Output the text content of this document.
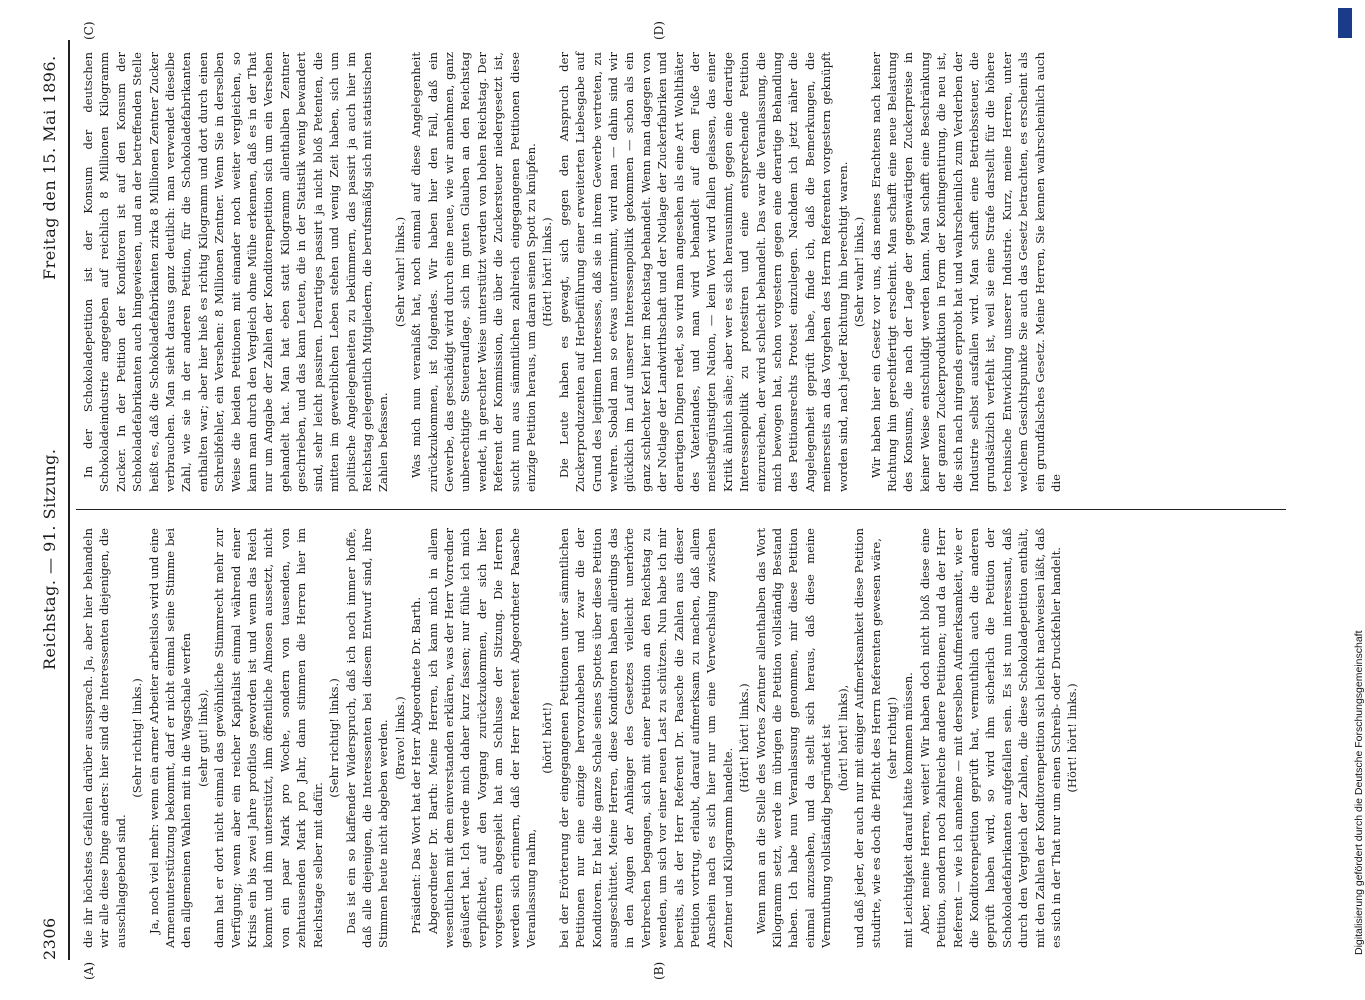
2306
Reichstag. — 91. Sitzung.
Freitag den 15. Mai 1896.
(A)	(B)
(C)	(D)

die ihr höchstes Gefallen darüber aussprach. Ja, aber hier behandeln wir alle diese Dinge anders: hier sind die Interessenten diejenigen, die ausschlaggebend sind.

(Sehr richtig! links.) Ja, noch viel mehr: wenn ein armer Arbeiter arbeitslos wird und eine Armenunterstützung bekommt, darf er nicht einmal seine Stimme bei den allgemeinen Wahlen mit in die Wagschale werfen (sehr gut! links), dann hat er dort nicht einmal das gewöhnliche Stimmrecht mehr zur Verfügung; wenn aber ein reicher Kapitalist einmal während einer Krisis ein bis zwei Jahre profitlos geworden ist und wenn das Reich kommt und ihm unterstützt, ihm öffentliche Almosen aussetzt, nicht von ein paar Mark pro Woche, sondern von tausenden, von zehntausenden Mark pro Jahr, dann stimmen die Herren hier im Reichstage selber mit dafür.

(Sehr richtig! links.) Das ist ein so klaffender Widerspruch, daß ich noch immer hoffe, daß alle diejenigen, die Interessenten bei diesem Entwurf sind, ihre Stimmen heute nicht abgeben werden. (Bravo! links.) Präsident: Das Wort hat der Herr Abgeordnete Dr. Barth. Abgeordneter Dr. Barth: Meine Herren, ich kann mich in allem wesentlichen mit dem einverstanden erklären, was der Herr Vorredner geäußert hat. Ich werde mich daher kurz fassen; nur fühle ich mich verpflichtet, auf den Vorgang zurückzukommen, der sich hier vorgestern abgespielt hat am Schlusse der Sitzung. Die Herren werden sich erinnern, daß der Herr Referent Abgeordneter Paasche Veranlassung nahm,

(hört! hört!) bei der Erörterung der eingegangenen Petitionen unter sämmtlichen Petitionen nur eine einzige hervorzuheben und zwar die der Konditoren. Er hat die ganze Schale seines Spottes über diese Petition ausgeschüttet. Meine Herren, diese Konditoren haben allerdings das in den Augen der Anhänger des Gesetzes vielleicht unerhörte Verbrechen begangen, sich mit einer Petition an den Reichstag zu wenden, um sich vor einer neuen Last zu schützen. Nun habe ich mir bereits, als der Herr Referent Dr. Paasche die Zahlen aus dieser Petition vortrug, erlaubt, darauf aufmerksam zu machen, daß allem Anschein nach es sich hier nur um eine Verwechslung zwischen Zentner und Kilogramm handelte.

(Hört! hört! links.) Wenn man an die Stelle des Wortes Zentner allenthalben das Wort Kilogramm setzt, werde im übrigen die Petition vollständig Bestand haben. Ich habe nun Veranlassung genommen, mir diese Petition einmal anzusehen, und da stellt sich heraus, daß diese meine Vermuthung vollständig begründet ist (hört! hört! links), und daß jeder, der auch nur mit einiger Aufmerksamkeit diese Petition studirte, wie es doch die Pflicht des Herrn Referenten gewesen wäre, (sehr richtig!) mit Leichtigkeit darauf hätte kommen müssen. Aber, meine Herren, weiter! Wir haben doch nicht bloß diese eine Petition, sondern noch zahlreiche andere Petitionen; und da der Herr Referent — wie ich annehme — mit derselben Aufmerksamkeit, wie er die Konditorenpetition geprüft hat, vermuthlich auch die anderen geprüft haben wird, so wird ihm sicherlich die Petition der Schokoladefabrikanten aufgefallen sein. Es ist nun interessant, daß durch den Vergleich der Zahlen, die diese Schokoladepetition enthält, mit den Zahlen der Konditorenpetition sich leicht nachweisen läßt, daß es sich in der That nur um einen Schreib- oder Druckfehler handelt. (Hört! hört! links.)

In der Schokoladepetition ist der Konsum der deutschen Schokoladeindustrie angegeben auf reichlich 8 Millionen Kilogramm Zucker. In der Petition der Konditoren ist auf den Konsum der Schokoladefabrikanten auch hingewiesen, und an der betreffenden Stelle heißt es, daß die Schokoladefabrikanten zirka 8 Millionen Zentner Zucker verbrauchen. Man sieht daraus ganz deutlich: man verwendet dieselbe Zahl, wie sie in der anderen Petition, für die Schokoladefabrikanten enthalten war; aber hier hieß es richtig Kilogramm und dort durch einen Schreibfehler, ein Versehen: 8 Millionen Zentner. Wenn Sie in derselben Weise die beiden Petitionen mit einander noch weiter vergleichen, so kann man durch den Vergleich ohne Mühe erkennen, daß es in der That nur um Angabe der Zahlen der Konditorenpetition sich um ein Versehen gehandelt hat. Man hat eben statt Kilogramm allenthalben Zentner geschrieben, und das kann Leuten, die in der Statistik wenig bewandert sind, sehr leicht passiren. Derartiges passirt ja nicht bloß Petenten, die mitten im gewerblichen Leben stehen und wenig Zeit haben, sich um politische Angelegenheiten zu bekümmern, das passirt ja auch hier im Reichstag gelegentlich Mitgliedern, die berufsmäßig sich mit statistischen Zahlen befassen.

(Sehr wahr! links.) Was mich nun veranlaßt hat, noch einmal auf diese Angelegenheit zurückzukommen, ist folgendes. Wir haben hier den Fall, daß ein Gewerbe, das geschädigt wird durch eine neue, wie wir annehmen, ganz unberechtigte Steuerauflage, sich im guten Glauben an den Reichstag wendet, in gerechter Weise unterstützt werden von hohen Reichstag. Der Referent der Kommission, die über die Zuckersteuer niedergesetzt ist, sucht nun aus sämmtlichen zahlreich eingegangenen Petitionen diese einzige Petition heraus, um daran seinen Spott zu knüpfen. (Hört! hört! links.) Die Leute haben es gewagt, sich gegen den Anspruch der Zuckerproduzenten auf Herbeiführung einer erweiterten Liebesgabe auf Grund des legitimen Interesses, daß sie in ihrem Gewerbe vertreten, zu wehren. Sobald man so etwas unternimmt, wird man — dahin sind wir glücklich im Lauf unserer Interessenpolitik gekommen — schon als ein ganz schlechter Kerl hier im Reichstag behandelt. Wenn man dagegen von der Notlage der Landwirthschaft und der Notlage der Zuckerfabriken und derartigen Dingen redet, so wird man angesehen als eine Art Wohlthäter des Vaterlandes, und man wird behandelt auf dem Fuße der meistbegünstigten Nation, — kein Wort wird fallen gelassen, das einer Kritik ähnlich sähe; aber wer es sich herausnimmt, gegen eine derartige Interessenpolitik zu protestiren und eine entsprechende Petition einzureichen, der wird schlecht behandelt. Das war die Veranlassung, die mich bewogen hat, schon vorgestern gegen eine derartige Behandlung des Petitionsrechts Protest einzulegen. Nachdem ich jetzt näher die Angelegenheit geprüft habe, finde ich, daß die Bemerkungen, die meinerseits an das Vorgehen des Herrn Referenten vorgestern geknüpft worden sind, nach jeder Richtung hin berechtigt waren. (Sehr wahr! links.) Wir haben hier ein Gesetz vor uns, das meines Erachtens nach keiner Richtung hin gerechtfertigt erscheint. Man schafft eine neue Belastung des Konsums, die nach der Lage der gegenwärtigen Zuckerpreise in keiner Weise entschuldigt werden kann. Man schafft eine Beschränkung der ganzen Zuckerproduktion in Form der Kontingentirung, die neu ist, die sich nach nirgends erprobt hat und wahrscheinlich zum Verderben der Industrie selbst ausfallen wird. Man schafft eine Betriebssteuer, die grundsätzlich verfehlt ist, weil sie eine Strafe darstellt für die höhere technische Entwicklung unserer Industrie. Kurz, meine Herren, unter welchem Gesichtspunkte Sie auch das Gesetz betrachten, es erscheint als ein grundfalsches Gesetz. Meine Herren, Sie kennen wahrscheinlich auch die

DFG
Digitalisierung gefördert durch die Deutsche Forschungsgemeinschaft
